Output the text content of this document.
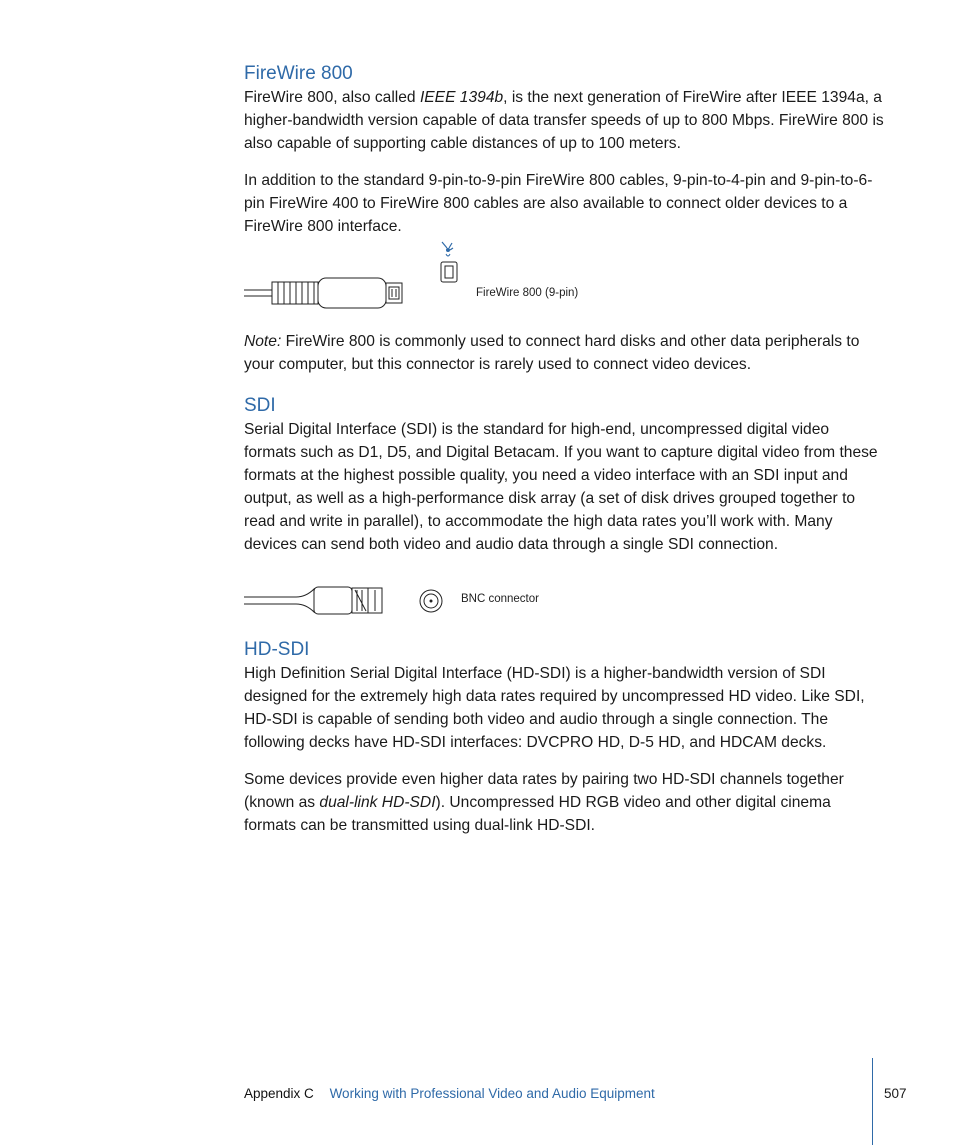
FireWire 800

FireWire 800, also called IEEE 1394b, is the next generation of FireWire after IEEE 1394a, a higher-bandwidth version capable of data transfer speeds of up to 800 Mbps. FireWire 800 is also capable of supporting cable distances of up to 100 meters.

In addition to the standard 9-pin-to-9-pin FireWire 800 cables, 9-pin-to-4-pin and 9-pin-to-6-pin FireWire 400 to FireWire 800 cables are also available to connect older devices to a FireWire 800 interface.

FireWire 800 (9-pin)

Note: FireWire 800 is commonly used to connect hard disks and other data peripherals to your computer, but this connector is rarely used to connect video devices.

SDI

Serial Digital Interface (SDI) is the standard for high-end, uncompressed digital video formats such as D1, D5, and Digital Betacam. If you want to capture digital video from these formats at the highest possible quality, you need a video interface with an SDI input and output, as well as a high-performance disk array (a set of disk drives grouped together to read and write in parallel), to accommodate the high data rates you’ll work with. Many devices can send both video and audio data through a single SDI connection.

BNC connector
HD-SDI

High Definition Serial Digital Interface (HD-SDI) is a higher-bandwidth version of SDI designed for the extremely high data rates required by uncompressed HD video. Like SDI, HD-SDI is capable of sending both video and audio through a single connection. The following decks have HD-SDI interfaces: DVCPRO HD, D-5 HD, and HDCAM decks.

Some devices provide even higher data rates by pairing two HD-SDI channels together (known as dual-link HD-SDI). Uncompressed HD RGB video and other digital cinema formats can be transmitted using dual-link HD-SDI.

Appendix C Working with Professional Video and Audio Equipment	507
